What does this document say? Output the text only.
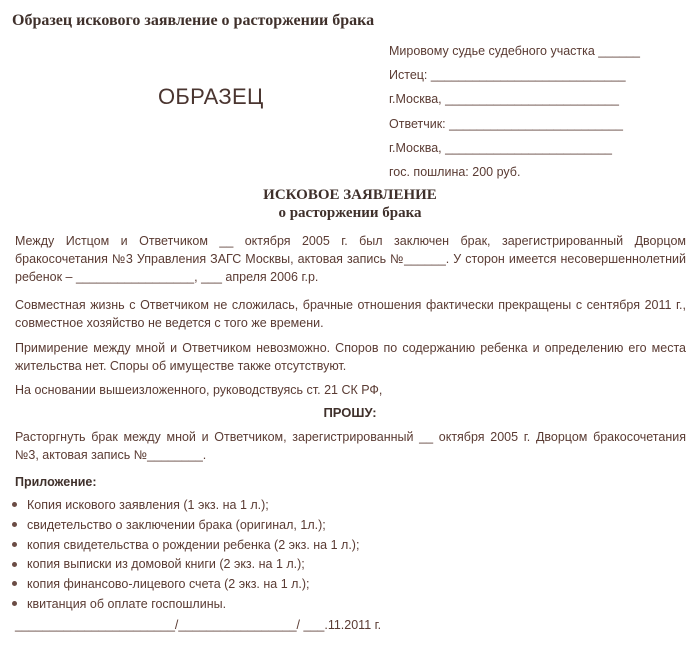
Образец искового заявление о расторжении брака
ОБРАЗЕЦ
Мировому судье судебного участка ______
Истец: ____________________________
г.Москва, _________________________
Ответчик: _________________________
г.Москва, ________________________
гос. пошлина: 200 руб.
ИСКОВОЕ ЗАЯВЛЕНИЕ
о расторжении брака
Между Истцом и Ответчиком __ октября 2005 г. был заключен брак, зарегистрированный Дворцом бракосочетания №3 Управления ЗАГС Москвы, актовая запись №______. У сторон имеется несовершеннолетний ребенок – _________________, ___ апреля 2006 г.р.
Совместная жизнь с Ответчиком не сложилась, брачные отношения фактически прекращены с сентября 2011 г., совместное хозяйство не ведется с того же времени.
Примирение между мной и Ответчиком невозможно. Споров по содержанию ребенка и определению его места жительства нет. Споры об имуществе также отсутствуют.
На основании вышеизложенного, руководствуясь ст. 21 СК РФ,
ПРОШУ:
Расторгнуть брак между мной и Ответчиком, зарегистрированный __ октября 2005 г. Дворцом бракосочетания №3, актовая запись №________.
Приложение:
Копия искового заявления (1 экз. на 1 л.);
свидетельство о заключении брака (оригинал, 1л.);
копия свидетельства о рождении ребенка (2 экз. на 1 л.);
копия выписки из домовой книги (2 экз. на 1 л.);
копия финансово-лицевого счета (2 экз. на 1 л.);
квитанция об оплате госпошлины.
_______________________/_________________/ ___.11.2011 г.
